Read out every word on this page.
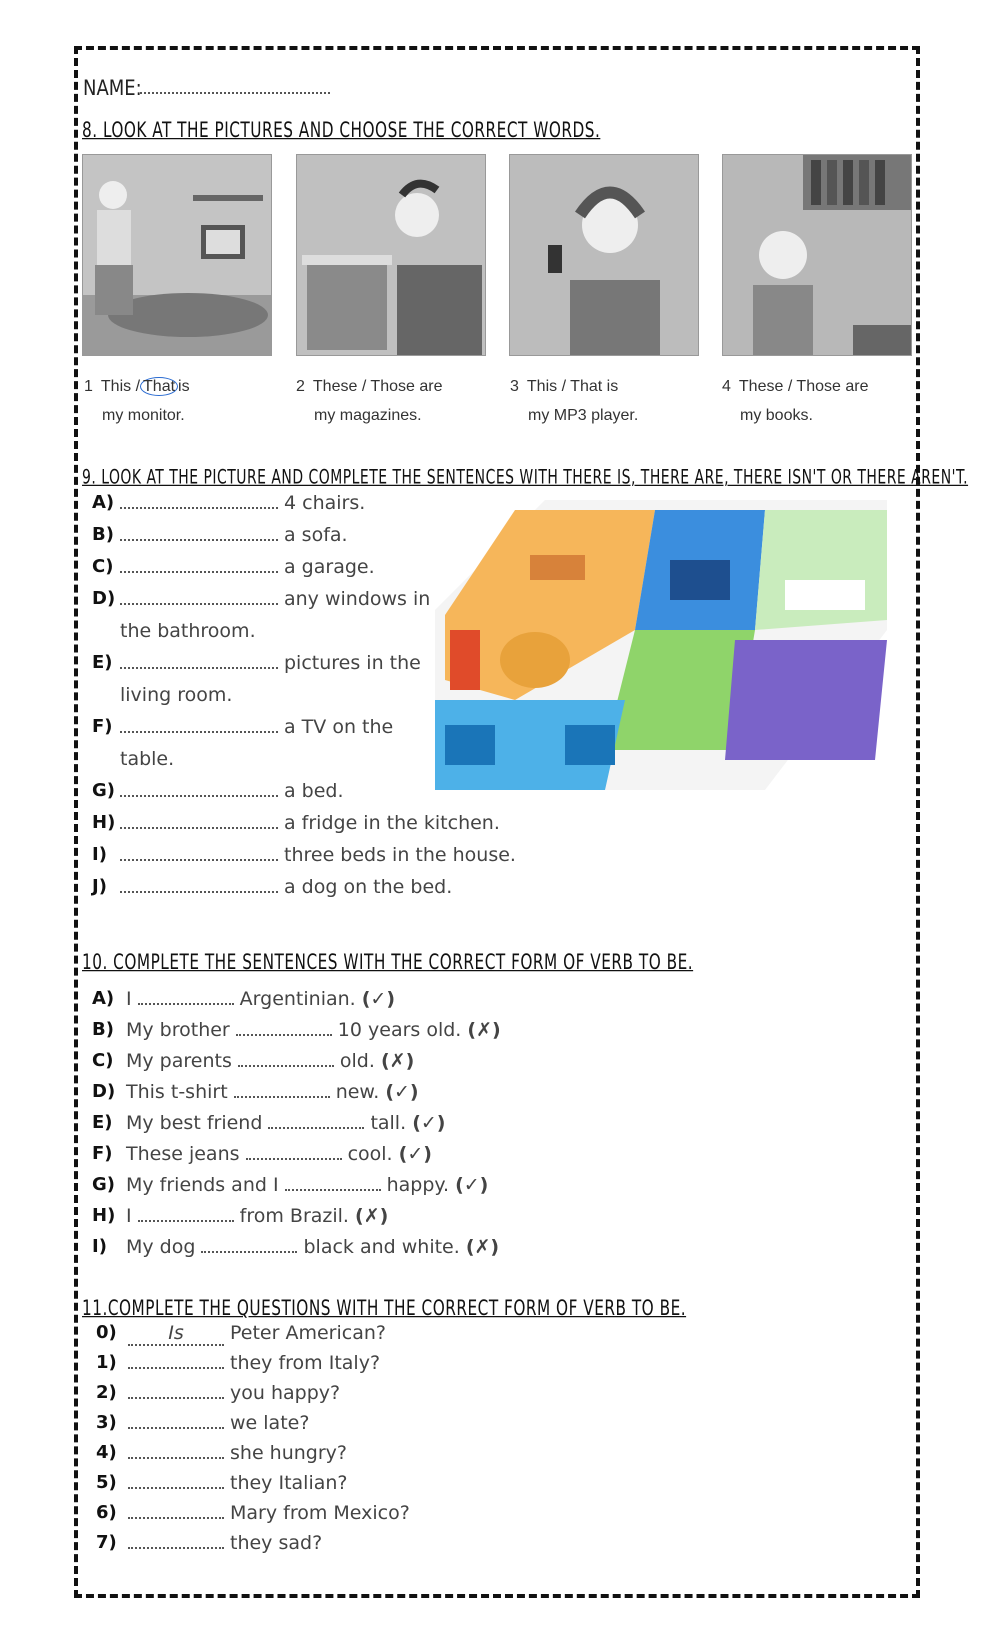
NAME:
8. LOOK AT THE PICTURES AND CHOOSE THE CORRECT WORDS.
1 This / That is
my monitor.
2 These / Those are
my magazines.
3 This / That is
my MP3 player.
4 These / Those are
my books.
9. LOOK AT THE PICTURE AND COMPLETE THE SENTENCES WITH THERE IS, THERE ARE, THERE ISN'T OR THERE AREN'T.
10. COMPLETE THE SENTENCES WITH THE CORRECT FORM OF VERB TO BE.
11.COMPLETE THE QUESTIONS WITH THE CORRECT FORM OF VERB TO BE.
A)	4 chairs.
B)	a sofa.
C)	a garage.
D)	any windows in
the bathroom.
E)	pictures in the
living room.
F)	a TV on the
table.
G)	a bed.
H)	a fridge in the kitchen.
I)	three beds in the house.
J)	a dog on the bed.
A) I	Argentinian. (✓)
B) My brother	10 years old. (✗)
C) My parents	old. (✗)
D) This t-shirt	new. (✓)
E) My best friend	tall. (✓)
F) These jeans	cool. (✓)
G) My friends and I	happy. (✓)
H) I	from Brazil. (✗)
I) My dog	black and white. (✗)
0)	Is Peter American?
1)	they from Italy?
2)	you happy?
3)	we late?
4)	she hungry?
5)	they Italian?
6)	Mary from Mexico?
7)	they sad?
